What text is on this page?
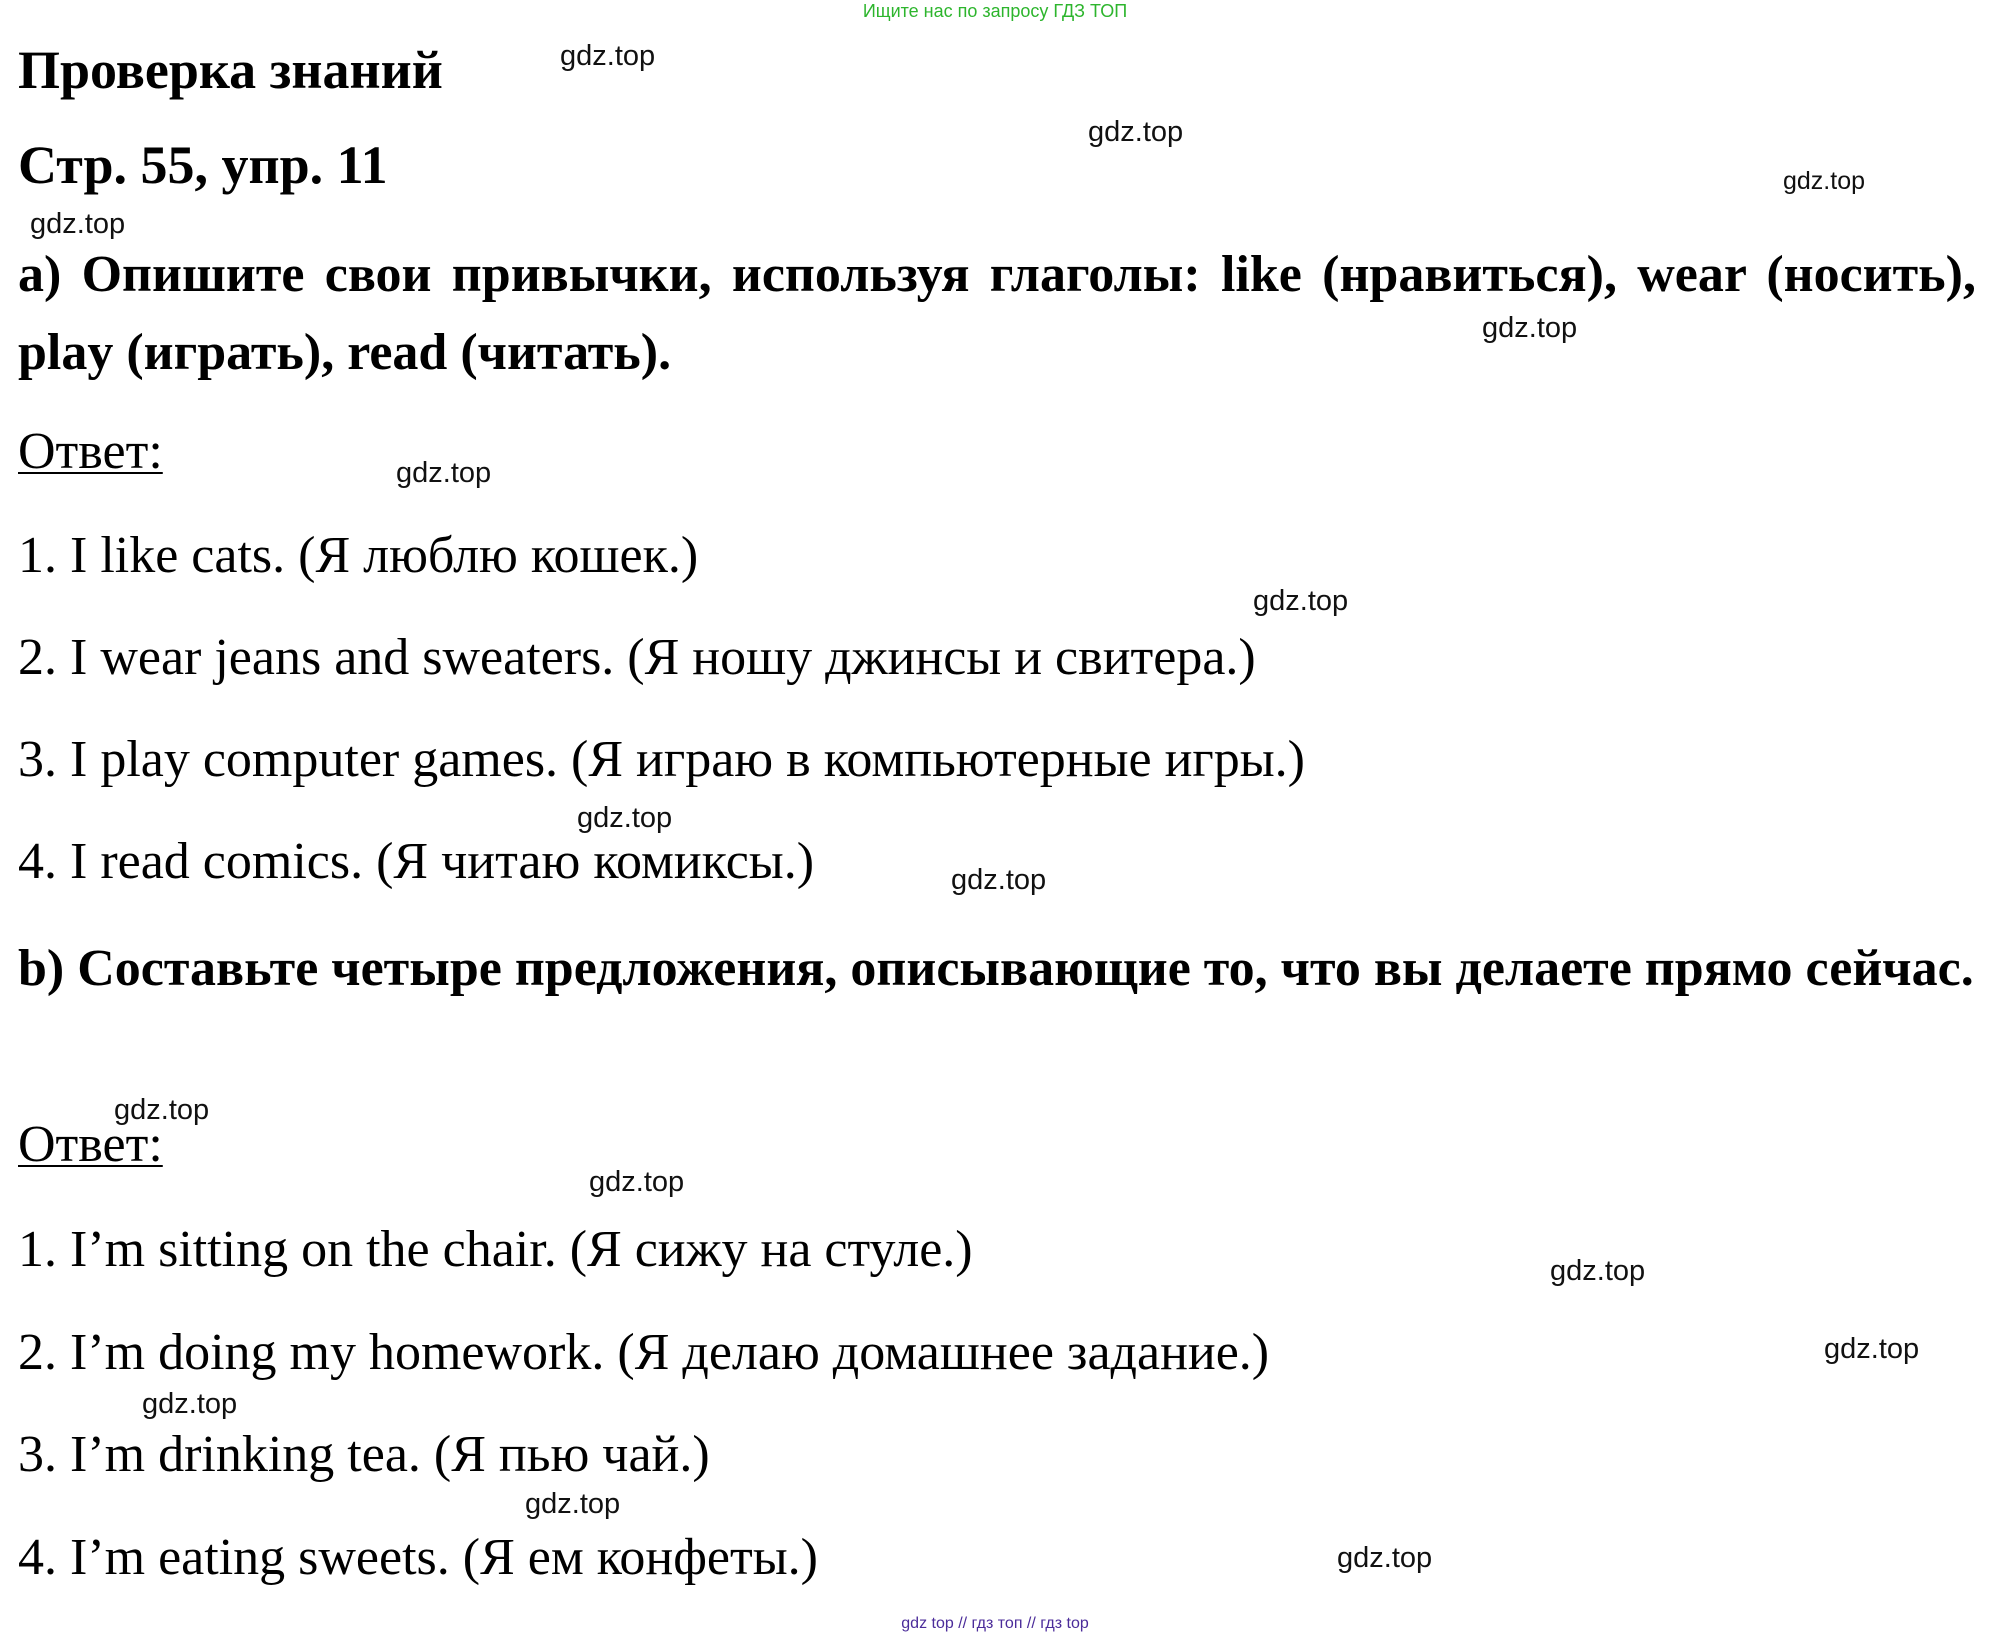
Ищите нас по запросу ГДЗ ТОП
Проверка знаний
Стр. 55, упр. 11
a) Опишите свои привычки, используя глаголы: like (нравиться), wear (носить), play (играть), read (читать).
Ответ:
1. I like cats. (Я люблю кошек.)
2. I wear jeans and sweaters. (Я ношу джинсы и свитера.)
3. I play computer games. (Я играю в компьютерные игры.)
4. I read comics. (Я читаю комиксы.)
b) Составьте четыре предложения, описывающие то, что вы делаете прямо сейчас.
Ответ:
1. I’m sitting on the chair. (Я сижу на стуле.)
2. I’m doing my homework. (Я делаю домашнее задание.)
3. I’m drinking tea. (Я пью чай.)
4. I’m eating sweets. (Я ем конфеты.)
gdz.top
gdz.top
gdz.top
gdz.top
gdz.top
gdz.top
gdz.top
gdz.top
gdz.top
gdz.top
gdz.top
gdz.top
gdz.top
gdz.top
gdz.top
gdz.top
gdz top // гдз топ // гдз top
